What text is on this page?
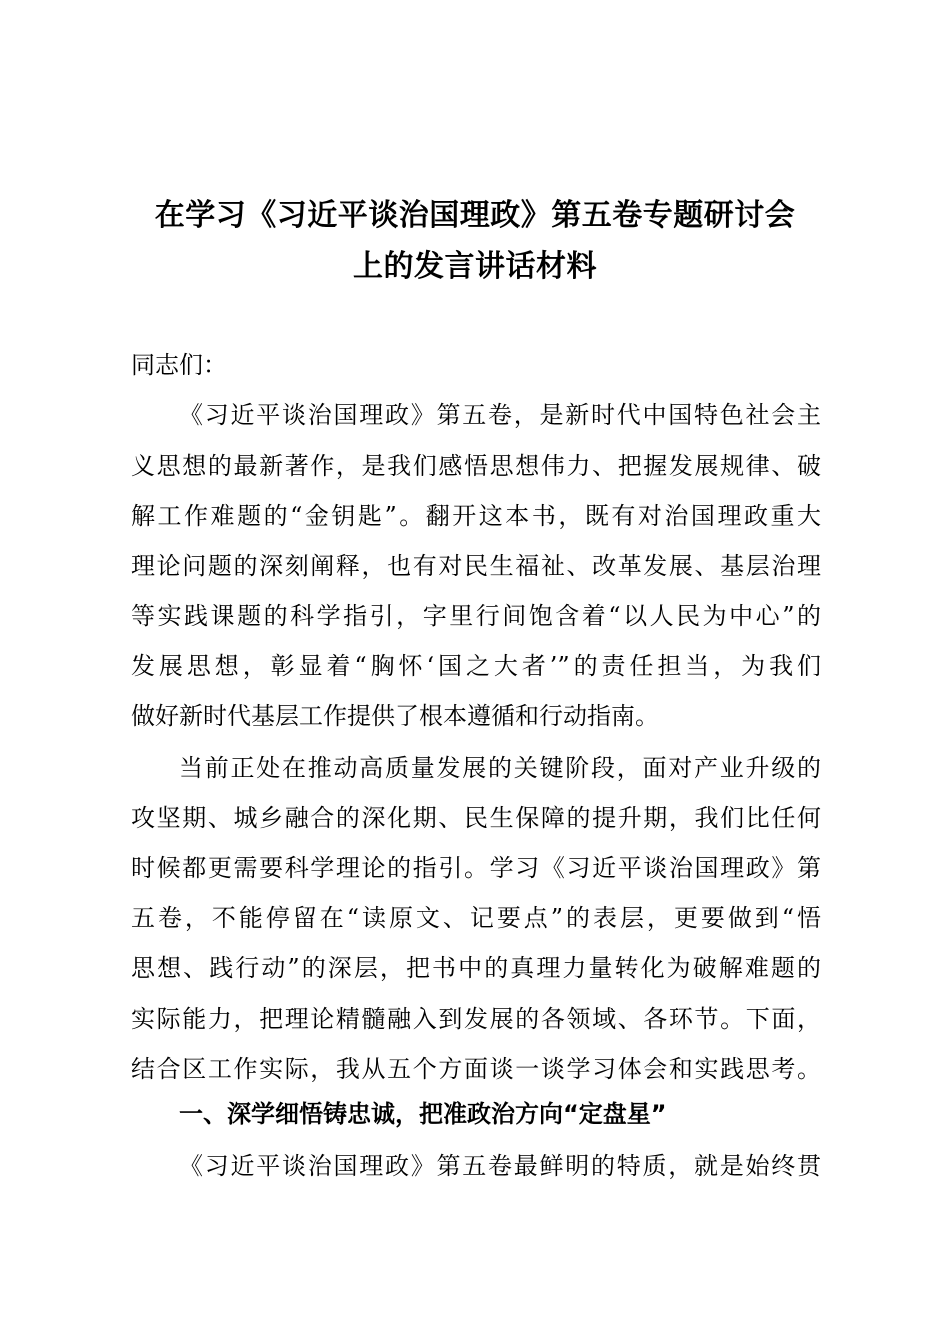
在学习《习近平谈治国理政》第五卷专题研讨会
上的发言讲话材料
同志们：
《习近平谈治国理政》第五卷，是新时代中国特色社会主
义思想的最新著作，是我们感悟思想伟力、把握发展规律、破
解工作难题的“金钥匙”。翻开这本书，既有对治国理政重大
理论问题的深刻阐释，也有对民生福祉、改革发展、基层治理
等实践课题的科学指引，字里行间饱含着“以人民为中心”的
发展思想，彰显着“胸怀‘国之大者’”的责任担当，为我们
做好新时代基层工作提供了根本遵循和行动指南。
当前正处在推动高质量发展的关键阶段，面对产业升级的
攻坚期、城乡融合的深化期、民生保障的提升期，我们比任何
时候都更需要科学理论的指引。学习《习近平谈治国理政》第
五卷，不能停留在“读原文、记要点”的表层，更要做到“悟
思想、践行动”的深层，把书中的真理力量转化为破解难题的
实际能力，把理论精髓融入到发展的各领域、各环节。下面，
结合区工作实际，我从五个方面谈一谈学习体会和实践思考。
一、深学细悟铸忠诚，把准政治方向“定盘星”
《习近平谈治国理政》第五卷最鲜明的特质，就是始终贯
